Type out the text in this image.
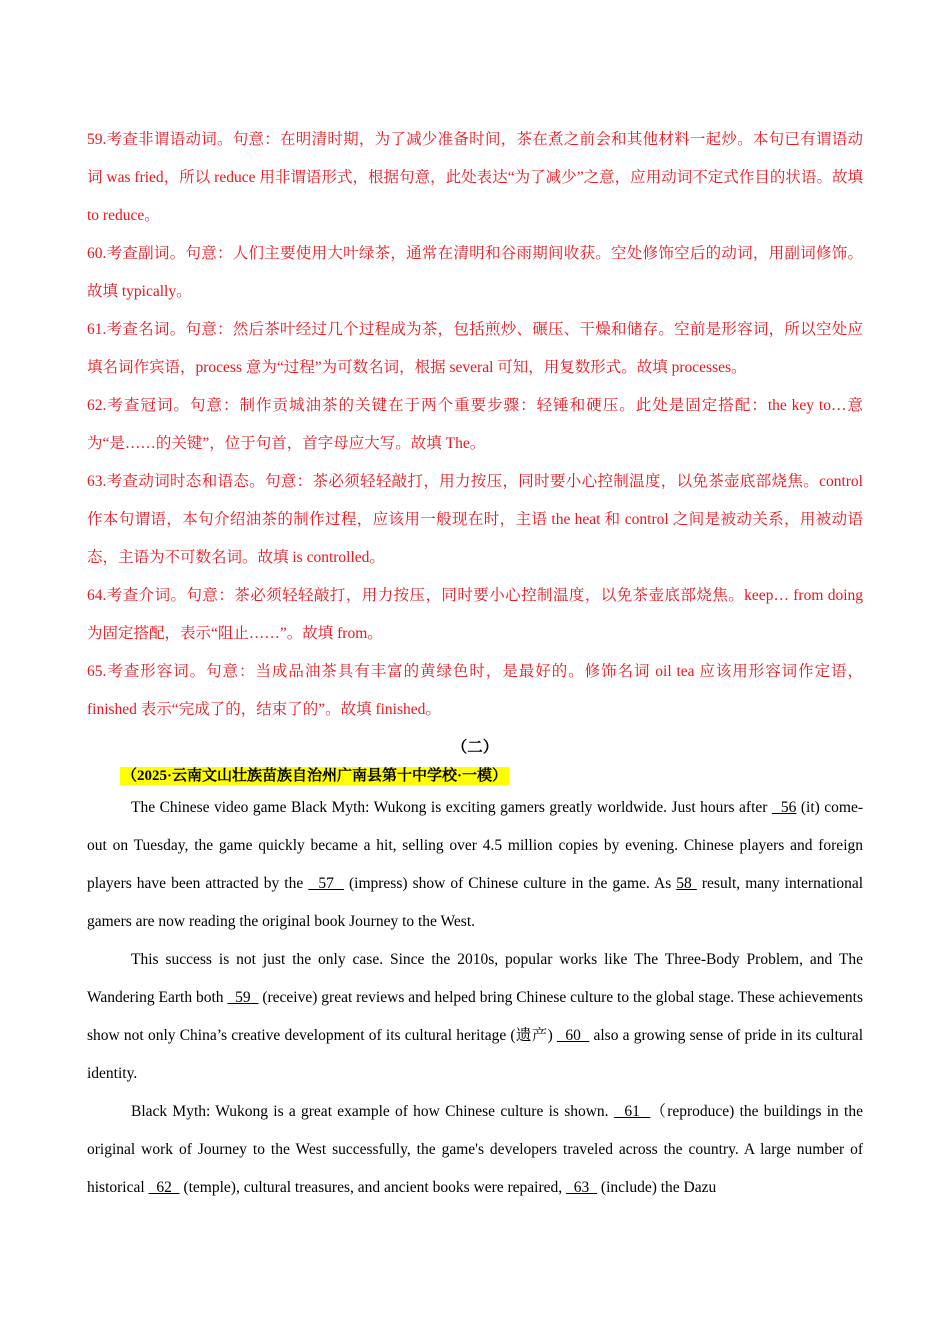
59.考查非谓语动词。句意：在明清时期，为了减少准备时间，茶在煮之前会和其他材料一起炒。本句已有谓语动词 was fried，所以 reduce 用非谓语形式，根据句意，此处表达“为了减少”之意，应用动词不定式作目的状语。故填 to reduce。

60.考查副词。句意：人们主要使用大叶绿茶，通常在清明和谷雨期间收获。空处修饰空后的动词，用副词修饰。故填 typically。

61.考查名词。句意：然后茶叶经过几个过程成为茶，包括煎炒、碾压、干燥和储存。空前是形容词，所以空处应填名词作宾语，process 意为“过程”为可数名词，根据 several 可知，用复数形式。故填 processes。

62.考查冠词。句意：制作贡城油茶的关键在于两个重要步骤：轻锤和硬压。此处是固定搭配：the key to…意为“是……的关键”，位于句首，首字母应大写。故填 The。

63.考查动词时态和语态。句意：茶必须轻轻敲打，用力按压，同时要小心控制温度，以免茶壶底部烧焦。control 作本句谓语，本句介绍油茶的制作过程，应该用一般现在时，主语 the heat 和 control 之间是被动关系，用被动语态，主语为不可数名词。故填 is controlled。

64.考查介词。句意：茶必须轻轻敲打，用力按压，同时要小心控制温度，以免茶壶底部烧焦。keep… from doing 为固定搭配，表示“阻止……”。故填 from。

65.考查形容词。句意：当成品油茶具有丰富的黄绿色时，是最好的。修饰名词 oil tea 应该用形容词作定语，finished 表示“完成了的，结束了的”。故填 finished。

（二）
（2025·云南文山壮族苗族自治州广南县第十中学校·一模）

The Chinese video game Black Myth: Wukong is exciting gamers greatly worldwide. Just hours after   56 (it) come-out on Tuesday, the game quickly became a hit, selling over 4.5 million copies by evening. Chinese players and foreign players have been attracted by the   57   (impress) show of Chinese culture in the game. As 58  result, many international gamers are now reading the original book Journey to the West.

This success is not just the only case. Since the 2010s, popular works like The Three-Body Problem, and The Wandering Earth both   59   (receive) great reviews and helped bring Chinese culture to the global stage. These achievements show not only China’s creative development of its cultural heritage (遗产)   60   also a growing sense of pride in its cultural identity.

Black Myth: Wukong is a great example of how Chinese culture is shown.   61  （reproduce) the buildings in the original work of Journey to the West successfully, the game's developers traveled across the country. A large number of historical   62   (temple), cultural treasures, and ancient books were repaired,   63   (include) the Dazu
